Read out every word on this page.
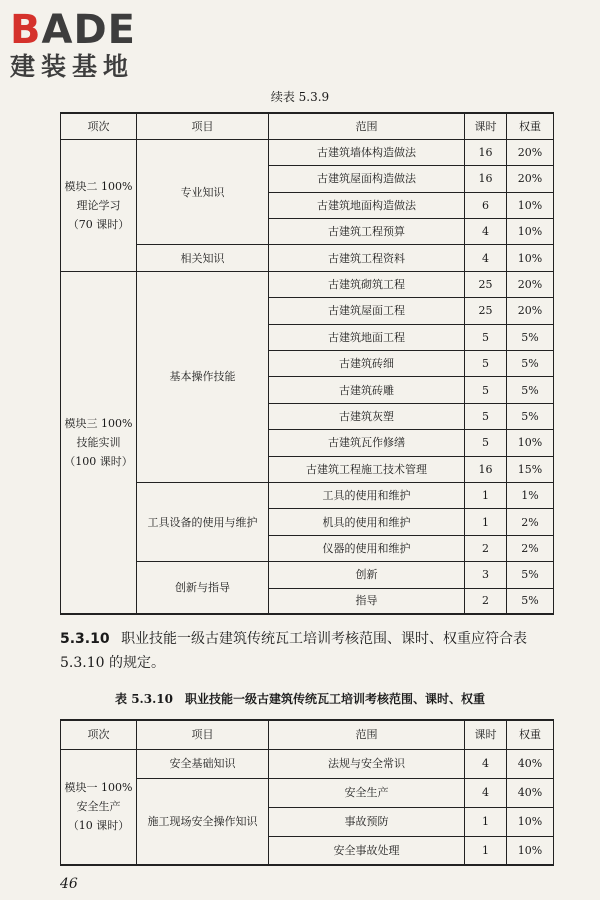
BADE
建装基地
续表 5.3.9
项次	项目	范围	课时	权重

模块二 100%
理论学习
（70 课时）	专业知识	古建筑墙体构造做法	16	20%
		古建筑屋面构造做法	16	20%
		古建筑地面构造做法	6	10%
		古建筑工程预算	4	10%
	相关知识	古建筑工程资料	4	10%

模块三 100%
技能实训
（100 课时）	基本操作技能	古建筑砌筑工程	25	20%
		古建筑屋面工程	25	20%
		古建筑地面工程	5	5%
		古建筑砖细	5	5%
		古建筑砖雕	5	5%
		古建筑灰塑	5	5%
		古建筑瓦作修缮	5	10%
		古建筑工程施工技术管理	16	15%
	工具设备的使用与维护	工具的使用和维护	1	1%
		机具的使用和维护	1	2%
		仪器的使用和维护	2	2%
	创新与指导	创新	3	5%
		指导	2	5%
5.3.10   职业技能一级古建筑传统瓦工培训考核范围、课时、权重应符合表 5.3.10 的规定。
表 5.3.10　职业技能一级古建筑传统瓦工培训考核范围、课时、权重
项次	项目	范围	课时	权重

模块一 100%
安全生产
（10 课时）	安全基础知识	法规与安全常识	4	40%
	施工现场安全操作知识	安全生产	4	40%
		事故预防	1	10%
		安全事故处理	1	10%
46
